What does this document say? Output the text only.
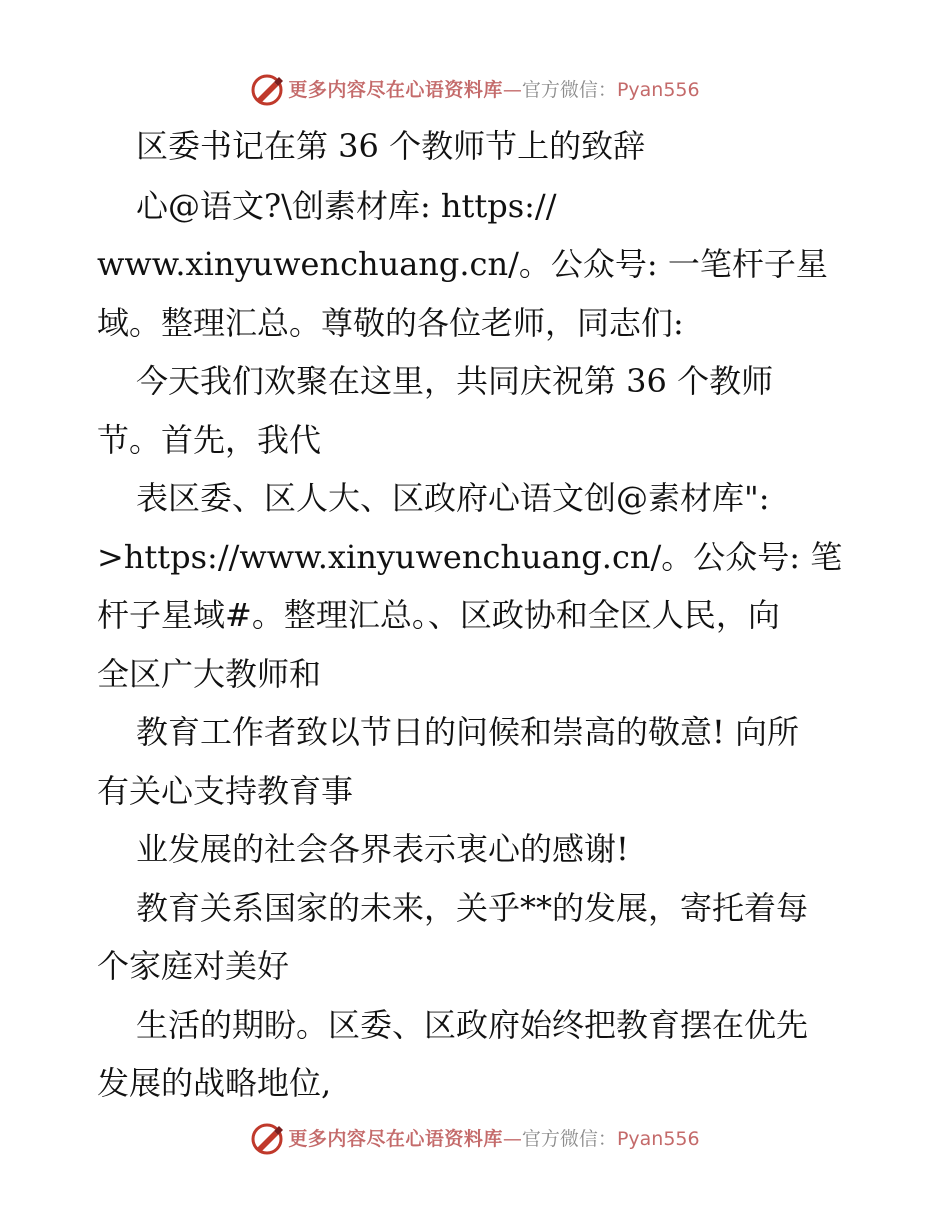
更多内容尽在心语资料库 — 官方微信： Pyan556
区委书记在第 36 个教师节上的致辞
心@语文?\创素材库: https://
www.xinyuwenchuang.cn/。公众号: 一笔杆子星
域。整理汇总。尊敬的各位老师，同志们:
今天我们欢聚在这里，共同庆祝第 36 个教师
节。首先，我代
表区委、区人大、区政府心语文创@素材库":
>https://www.xinyuwenchuang.cn/。公众号: 笔
杆子星域#。整理汇总。、区政协和全区人民，向
全区广大教师和
教育工作者致以节日的问候和崇高的敬意! 向所
有关心支持教育事
业发展的社会各界表示衷心的感谢!
教育关系国家的未来，关乎**的发展，寄托着每
个家庭对美好
生活的期盼。区委、区政府始终把教育摆在优先
发展的战略地位,
更多内容尽在心语资料库 — 官方微信： Pyan556
